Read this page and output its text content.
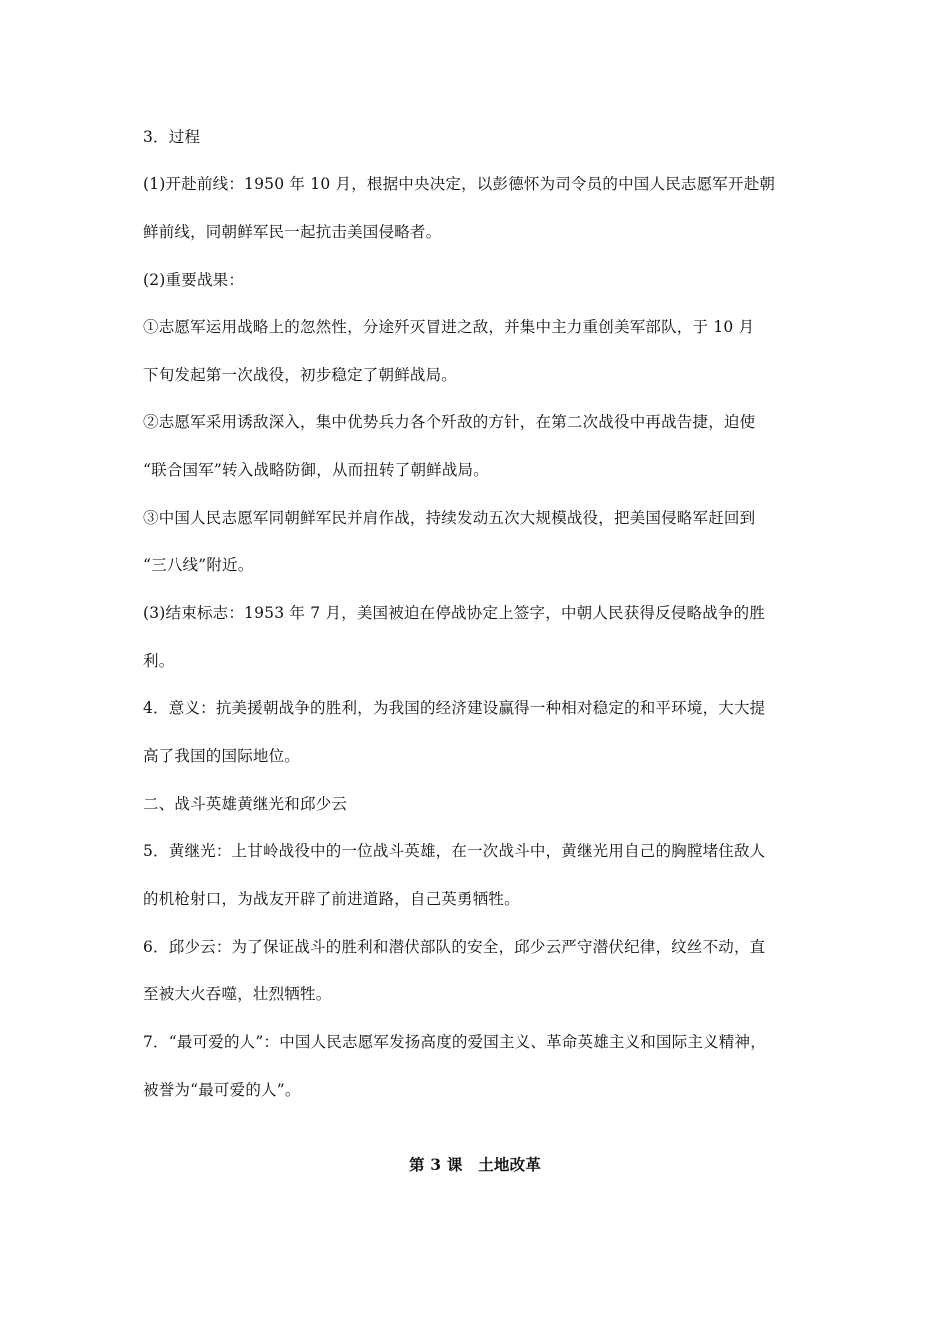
3．过程
(1)开赴前线：1950 年 10 月，根据中央决定，以彭德怀为司令员的中国人民志愿军开赴朝
鲜前线，同朝鲜军民一起抗击美国侵略者。
(2)重要战果：
①志愿军运用战略上的忽然性，分途歼灭冒进之敌，并集中主力重创美军部队，于 10 月
下旬发起第一次战役，初步稳定了朝鲜战局。
②志愿军采用诱敌深入，集中优势兵力各个歼敌的方针，在第二次战役中再战告捷，迫使
“联合国军”转入战略防御，从而扭转了朝鲜战局。
③中国人民志愿军同朝鲜军民并肩作战，持续发动五次大规模战役，把美国侵略军赶回到
“三八线”附近。
(3)结束标志：1953 年 7 月，美国被迫在停战协定上签字，中朝人民获得反侵略战争的胜
利。
4．意义：抗美援朝战争的胜利，为我国的经济建设赢得一种相对稳定的和平环境，大大提
高了我国的国际地位。
二、战斗英雄黄继光和邱少云
5．黄继光：上甘岭战役中的一位战斗英雄，在一次战斗中，黄继光用自己的胸膛堵住敌人
的机枪射口，为战友开辟了前进道路，自己英勇牺牲。
6．邱少云：为了保证战斗的胜利和潜伏部队的安全，邱少云严守潜伏纪律，纹丝不动，直
至被大火吞噬，壮烈牺牲。
7．“最可爱的人”：中国人民志愿军发扬高度的爱国主义、革命英雄主义和国际主义精神，
被誉为“最可爱的人”。
第 3 课　土地改革
